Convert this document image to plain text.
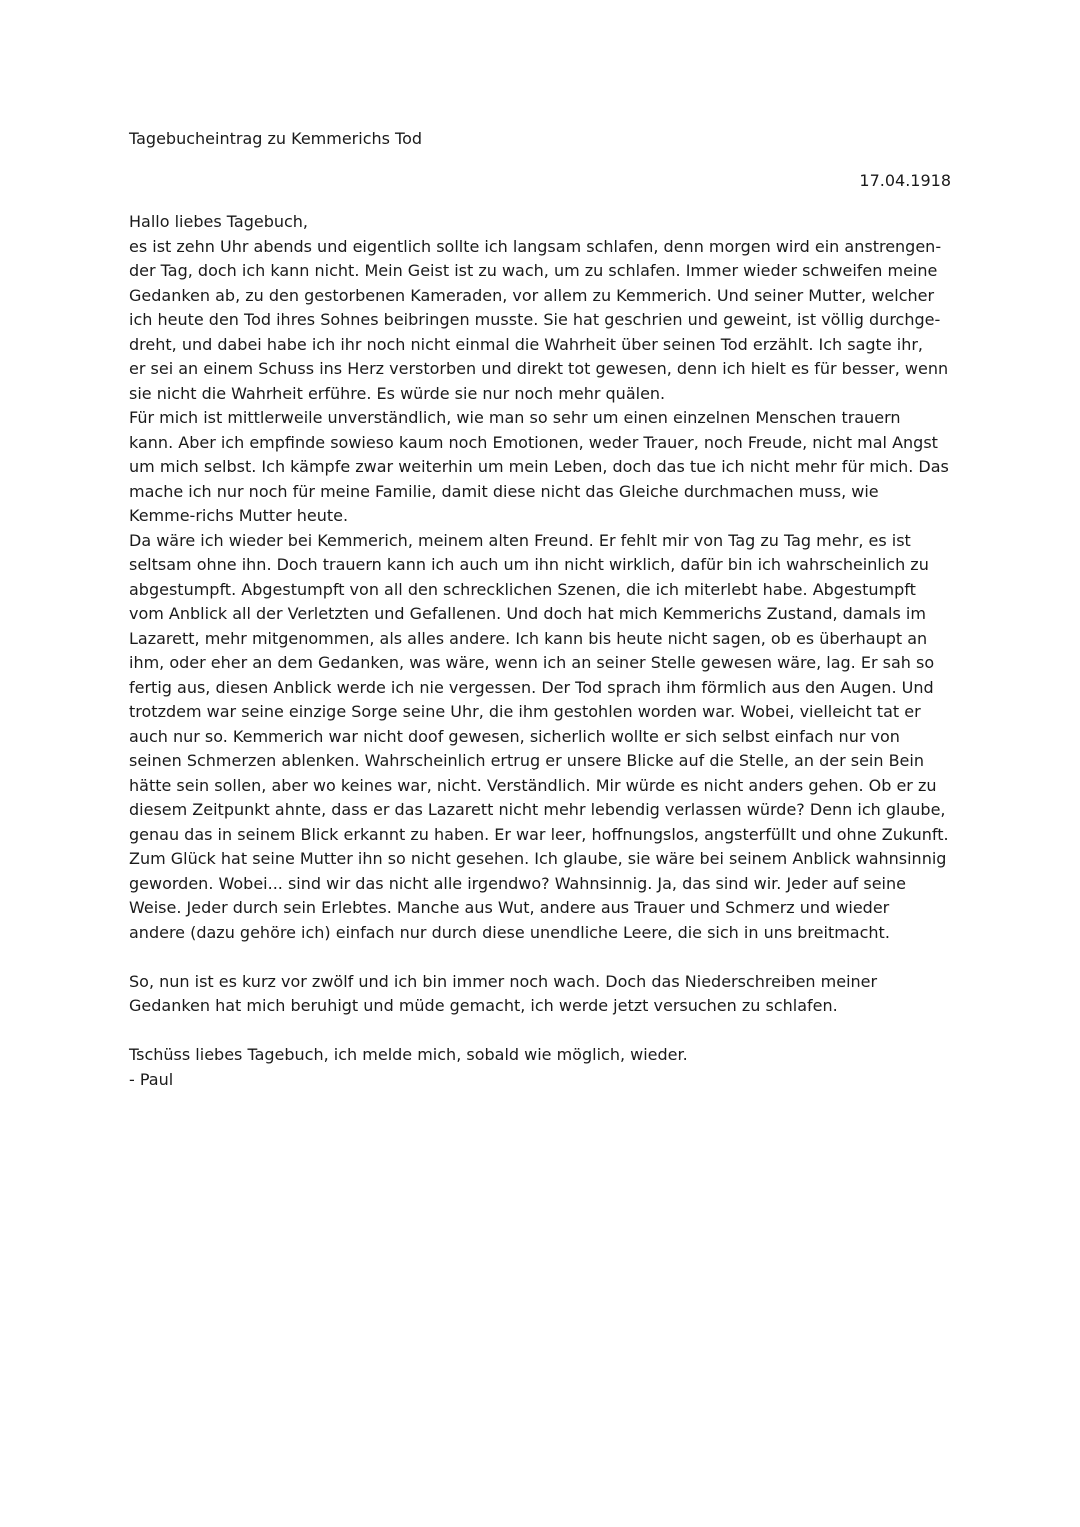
Tagebucheintrag zu Kemmerichs Tod
17.04.1918
Hallo liebes Tagebuch,

es ist zehn Uhr abends und eigentlich sollte ich langsam schlafen, denn morgen wird ein anstrengen-
der Tag, doch ich kann nicht. Mein Geist ist zu wach, um zu schlafen. Immer wieder schweifen meine
Gedanken ab, zu den gestorbenen Kameraden, vor allem zu Kemmerich. Und seiner Mutter, welcher
ich heute den Tod ihres Sohnes beibringen musste. Sie hat geschrien und geweint, ist völlig durchge-
dreht, und dabei habe ich ihr noch nicht einmal die Wahrheit über seinen Tod erzählt. Ich sagte ihr,
er sei an einem Schuss ins Herz verstorben und direkt tot gewesen, denn ich hielt es für besser, wenn
sie nicht die Wahrheit erführe. Es würde sie nur noch mehr quälen.

Für mich ist mittlerweile unverständlich, wie man so sehr um einen einzelnen Menschen trauern
kann. Aber ich empfinde sowieso kaum noch Emotionen, weder Trauer, noch Freude, nicht mal Angst
um mich selbst. Ich kämpfe zwar weiterhin um mein Leben, doch das tue ich nicht mehr für mich. Das
mache ich nur noch für meine Familie, damit diese nicht das Gleiche durchmachen muss, wie
Kemme-richs Mutter heute.

Da wäre ich wieder bei Kemmerich, meinem alten Freund. Er fehlt mir von Tag zu Tag mehr, es ist
seltsam ohne ihn. Doch trauern kann ich auch um ihn nicht wirklich, dafür bin ich wahrscheinlich zu
abgestumpft. Abgestumpft von all den schrecklichen Szenen, die ich miterlebt habe. Abgestumpft
vom Anblick all der Verletzten und Gefallenen. Und doch hat mich Kemmerichs Zustand, damals im
Lazarett, mehr mitgenommen, als alles andere. Ich kann bis heute nicht sagen, ob es überhaupt an
ihm, oder eher an dem Gedanken, was wäre, wenn ich an seiner Stelle gewesen wäre, lag. Er sah so
fertig aus, diesen Anblick werde ich nie vergessen. Der Tod sprach ihm förmlich aus den Augen. Und
trotzdem war seine einzige Sorge seine Uhr, die ihm gestohlen worden war. Wobei, vielleicht tat er
auch nur so. Kemmerich war nicht doof gewesen, sicherlich wollte er sich selbst einfach nur von
seinen Schmerzen ablenken. Wahrscheinlich ertrug er unsere Blicke auf die Stelle, an der sein Bein
hätte sein sollen, aber wo keines war, nicht. Verständlich. Mir würde es nicht anders gehen. Ob er zu
diesem Zeitpunkt ahnte, dass er das Lazarett nicht mehr lebendig verlassen würde? Denn ich glaube,
genau das in seinem Blick erkannt zu haben. Er war leer, hoffnungslos, angsterfüllt und ohne Zukunft.
Zum Glück hat seine Mutter ihn so nicht gesehen. Ich glaube, sie wäre bei seinem Anblick wahnsinnig
geworden. Wobei... sind wir das nicht alle irgendwo? Wahnsinnig. Ja, das sind wir. Jeder auf seine
Weise. Jeder durch sein Erlebtes. Manche aus Wut, andere aus Trauer und Schmerz und wieder
andere (dazu gehöre ich) einfach nur durch diese unendliche Leere, die sich in uns breitmacht.

So, nun ist es kurz vor zwölf und ich bin immer noch wach. Doch das Niederschreiben meiner
Gedanken hat mich beruhigt und müde gemacht, ich werde jetzt versuchen zu schlafen.
Tschüss liebes Tagebuch, ich melde mich, sobald wie möglich, wieder.
- Paul
